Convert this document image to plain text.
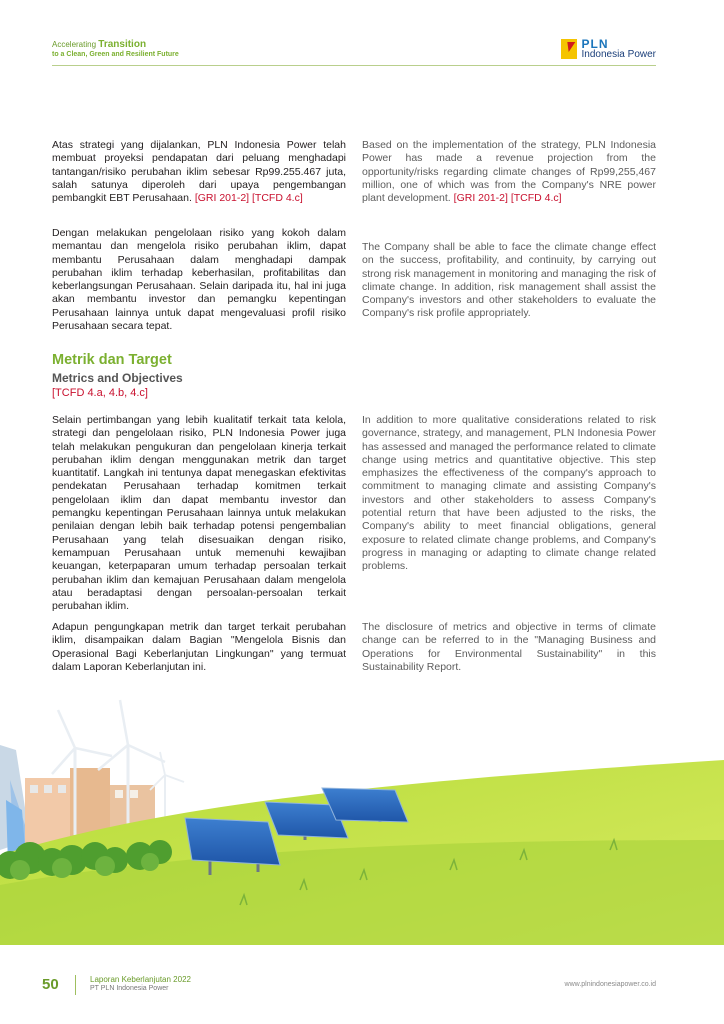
Accelerating Transition
to a Clean, Green and Resilient Future
PLN
Indonesia Power

Atas strategi yang dijalankan, PLN Indonesia Power telah membuat proyeksi pendapatan dari peluang menghadapi tantangan/risiko perubahan iklim sebesar Rp99.255.467 juta, salah satunya diperoleh dari upaya pengembangan pembangkit EBT Perusahaan. [GRI 201-2] [TCFD 4.c]

Based on the implementation of the strategy, PLN Indonesia Power has made a revenue projection from the opportunity/risks regarding climate changes of Rp99,255,467 million, one of which was from the Company's NRE power plant development. [GRI 201-2] [TCFD 4.c]

Dengan melakukan pengelolaan risiko yang kokoh dalam memantau dan mengelola risiko perubahan iklim, dapat membantu Perusahaan dalam menghadapi dampak perubahan iklim terhadap keberhasilan, profitabilitas dan keberlangsungan Perusahaan. Selain daripada itu, hal ini juga akan membantu investor dan pemangku kepentingan Perusahaan lainnya untuk dapat mengevaluasi profil risiko Perusahaan secara tepat.

The Company shall be able to face the climate change effect on the success, profitability, and continuity, by carrying out strong risk management in monitoring and managing the risk of climate change. In addition, risk management shall assist the Company's investors and other stakeholders to evaluate the Company's risk profile appropriately.

Metrik dan Target
Metrics and Objectives
[TCFD 4.a, 4.b, 4.c]

Selain pertimbangan yang lebih kualitatif terkait tata kelola, strategi dan pengelolaan risiko, PLN Indonesia Power juga telah melakukan pengukuran dan pengelolaan kinerja terkait perubahan iklim dengan menggunakan metrik dan target kuantitatif. Langkah ini tentunya dapat menegaskan efektivitas pendekatan Perusahaan terhadap komitmen terkait pengelolaan iklim dan dapat membantu investor dan pemangku kepentingan Perusahaan lainnya untuk melakukan penilaian dengan lebih baik terhadap potensi pengembalian Perusahaan yang telah disesuaikan dengan risiko, kemampuan Perusahaan untuk memenuhi kewajiban keuangan, keterpaparan umum terhadap persoalan terkait perubahan iklim dan kemajuan Perusahaan dalam mengelola atau beradaptasi dengan persoalan-persoalan terkait perubahan iklim.

In addition to more qualitative considerations related to risk governance, strategy, and management, PLN Indonesia Power has assessed and managed the performance related to climate change using metrics and quantitative objective. This step emphasizes the effectiveness of the company's approach to commitment to managing climate and assisting Company's investors and other stakeholders to assess Company's potential return that have been adjusted to the risks, the Company's ability to meet financial obligations, general exposure to related climate change problems, and Company's progress in managing or adapting to climate change related problems.

Adapun pengungkapan metrik dan target terkait perubahan iklim, disampaikan dalam Bagian "Mengelola Bisnis dan Operasional Bagi Keberlanjutan Lingkungan" yang termuat dalam Laporan Keberlanjutan ini.

The disclosure of metrics and objective in terms of climate change can be referred to in the "Managing Business and Operations for Environmental Sustainability" in this Sustainability Report.

50	Laporan Keberlanjutan 2022
PT PLN Indonesia Power
www.plnindonesiapower.co.id
